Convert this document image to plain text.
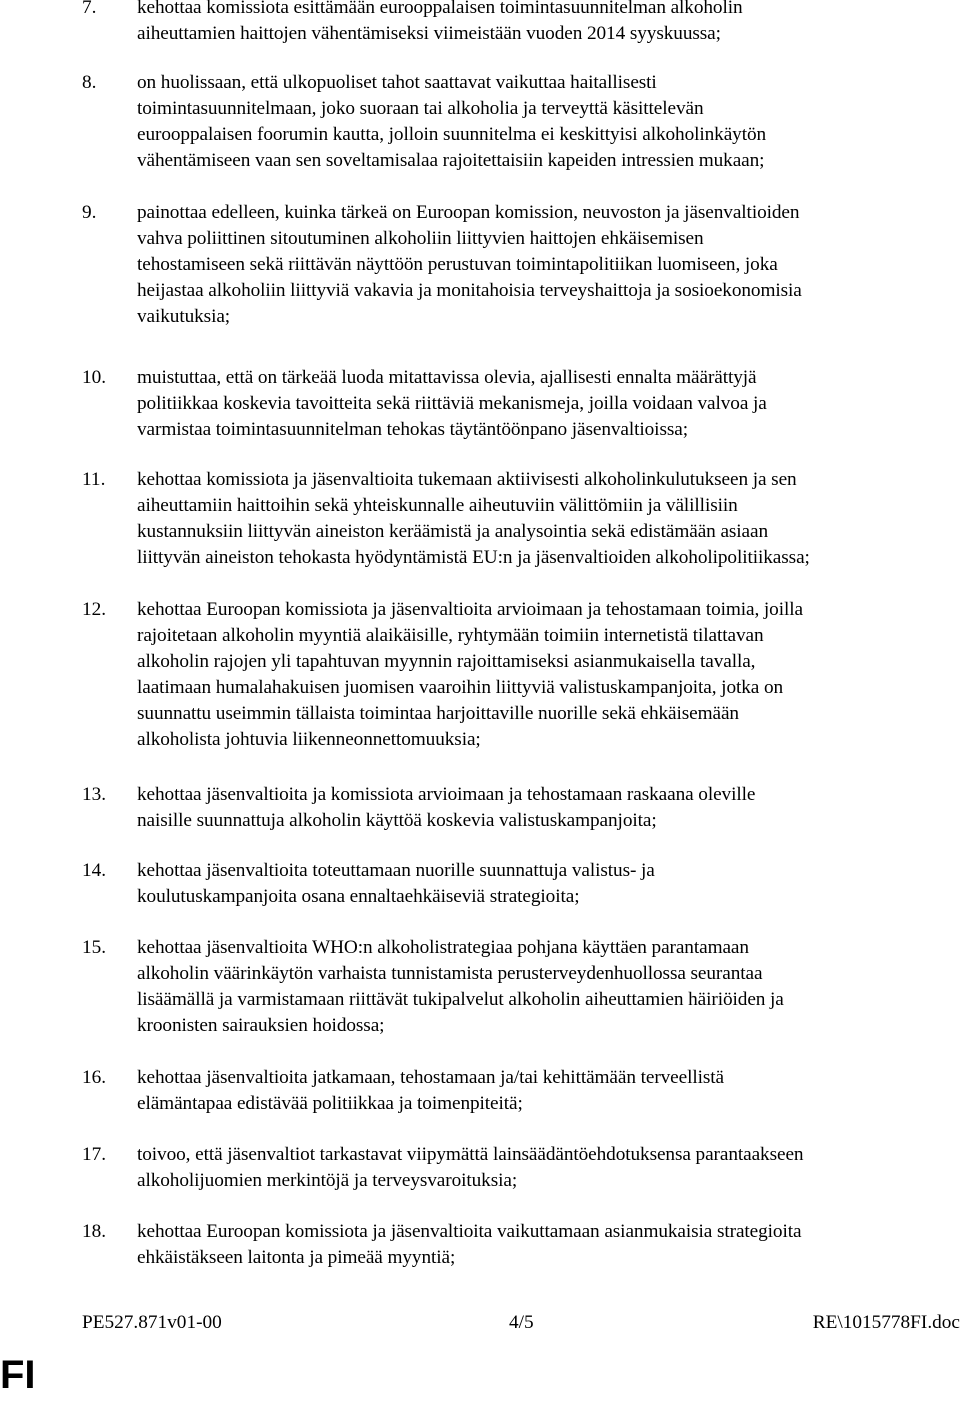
7. kehottaa komissiota esittämään eurooppalaisen toimintasuunnitelman alkoholin
aiheuttamien haittojen vähentämiseksi viimeistään vuoden 2014 syyskuussa;
8. on huolissaan, että ulkopuoliset tahot saattavat vaikuttaa haitallisesti
toimintasuunnitelmaan, joko suoraan tai alkoholia ja terveyttä käsittelevän
eurooppalaisen foorumin kautta, jolloin suunnitelma ei keskittyisi alkoholinkäytön
vähentämiseen vaan sen soveltamisalaa rajoitettaisiin kapeiden intressien mukaan;
9. painottaa edelleen, kuinka tärkeä on Euroopan komission, neuvoston ja jäsenvaltioiden
vahva poliittinen sitoutuminen alkoholiin liittyvien haittojen ehkäisemisen
tehostamiseen sekä riittävän näyttöön perustuvan toimintapolitiikan luomiseen, joka
heijastaa alkoholiin liittyviä vakavia ja monitahoisia terveyshaittoja ja sosioekonomisia
vaikutuksia;
10. muistuttaa, että on tärkeää luoda mitattavissa olevia, ajallisesti ennalta määrättyjä
politiikkaa koskevia tavoitteita sekä riittäviä mekanismeja, joilla voidaan valvoa ja
varmistaa toimintasuunnitelman tehokas täytäntöönpano jäsenvaltioissa;
11. kehottaa komissiota ja jäsenvaltioita tukemaan aktiivisesti alkoholinkulutukseen ja sen
aiheuttamiin haittoihin sekä yhteiskunnalle aiheutuviin välittömiin ja välillisiin
kustannuksiin liittyvän aineiston keräämistä ja analysointia sekä edistämään asiaan
liittyvän aineiston tehokasta hyödyntämistä EU:n ja jäsenvaltioiden alkoholipolitiikassa;
12. kehottaa Euroopan komissiota ja jäsenvaltioita arvioimaan ja tehostamaan toimia, joilla
rajoitetaan alkoholin myyntiä alaikäisille, ryhtymään toimiin internetistä tilattavan
alkoholin rajojen yli tapahtuvan myynnin rajoittamiseksi asianmukaisella tavalla,
laatimaan humalahakuisen juomisen vaaroihin liittyviä valistuskampanjoita, jotka on
suunnattu useimmin tällaista toimintaa harjoittaville nuorille sekä ehkäisemään
alkoholista johtuvia liikenneonnettomuuksia;
13. kehottaa jäsenvaltioita ja komissiota arvioimaan ja tehostamaan raskaana oleville
naisille suunnattuja alkoholin käyttöä koskevia valistuskampanjoita;
14. kehottaa jäsenvaltioita toteuttamaan nuorille suunnattuja valistus- ja
koulutuskampanjoita osana ennaltaehkäiseviä strategioita;
15. kehottaa jäsenvaltioita WHO:n alkoholistrategiaa pohjana käyttäen parantamaan
alkoholin väärinkäytön varhaista tunnistamista perusterveydenhuollossa seurantaa
lisäämällä ja varmistamaan riittävät tukipalvelut alkoholin aiheuttamien häiriöiden ja
kroonisten sairauksien hoidossa;
16. kehottaa jäsenvaltioita jatkamaan, tehostamaan ja/tai kehittämään terveellistä
elämäntapaa edistävää politiikkaa ja toimenpiteitä;
17. toivoo, että jäsenvaltiot tarkastavat viipymättä lainsäädäntöehdotuksensa parantaakseen
alkoholijuomien merkintöjä ja terveysvaroituksia;
18. kehottaa Euroopan komissiota ja jäsenvaltioita vaikuttamaan asianmukaisia strategioita
ehkäistäkseen laitonta ja pimeää myyntiä;
PE527.871v01-00	4/5	RE\1015778FI.doc
FI
